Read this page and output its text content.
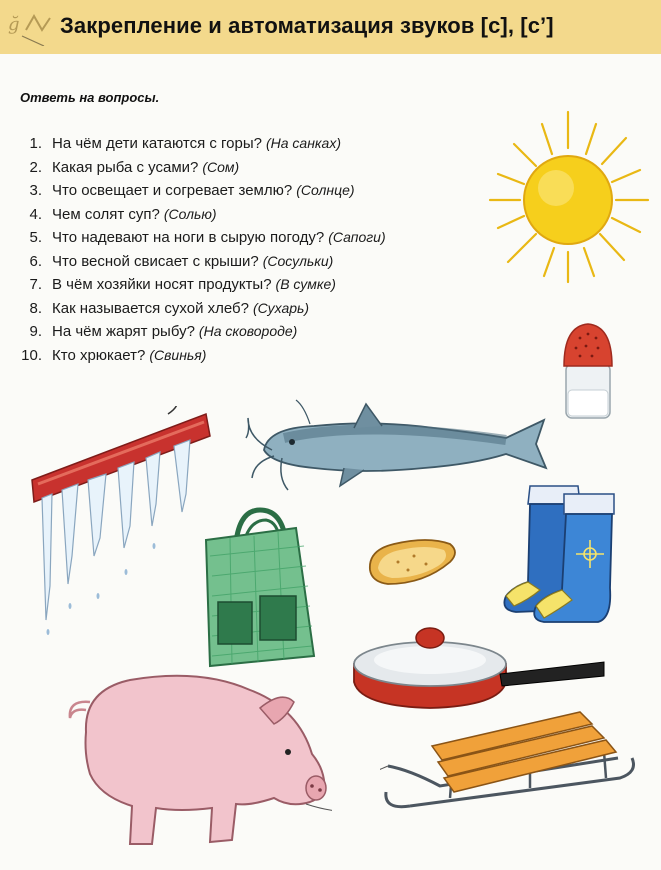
ğ Закрепление и автоматизация звуков [с], [с’]
Ответь на вопросы.
1. На чём дети катаются с горы? (На санках)
2. Какая рыба с усами? (Сом)
3. Что освещает и согревает землю? (Солнце)
4. Чем солят суп? (Солью)
5. Что надевают на ноги в сырую погоду? (Сапоги)
6. Что весной свисает с крыши? (Сосульки)
7. В чём хозяйки носят продукты? (В сумке)
8. Как называется сухой хлеб? (Сухарь)
9. На чём жарят рыбу? (На сковороде)
10. Кто хрюкает? (Свинья)
